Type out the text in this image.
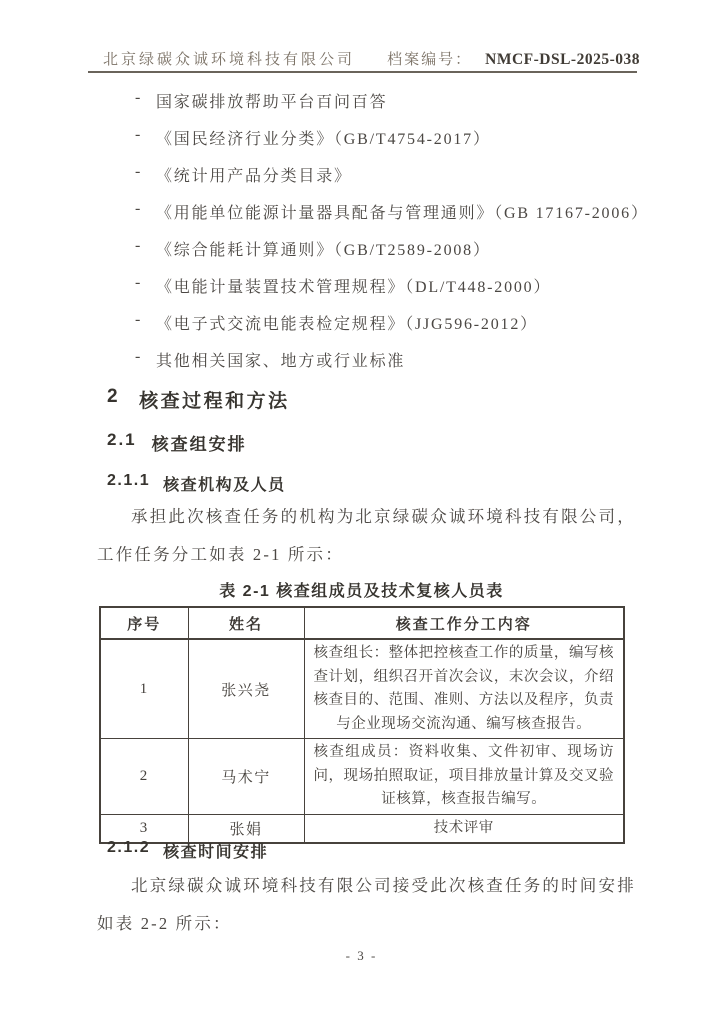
北京绿碳众诚环境科技有限公司 档案编号： NMCF-DSL-2025-038
- 国家碳排放帮助平台百问百答
- 《国民经济行业分类》（GB/T4754-2017）
- 《统计用产品分类目录》
- 《用能单位能源计量器具配备与管理通则》（GB 17167-2006）
- 《综合能耗计算通则》（GB/T2589-2008）
- 《电能计量装置技术管理规程》（DL/T448-2000）
- 《电子式交流电能表检定规程》（JJG596-2012）
- 其他相关国家、地方或行业标准
2 核查过程和方法
2.1 核查组安排
2.1.1 核查机构及人员
承担此次核查任务的机构为北京绿碳众诚环境科技有限公司，
工作任务分工如表 2-1 所示：
表 2-1 核查组成员及技术复核人员表
序号	姓名	核查工作分工内容
1	张兴尧	核查组长：整体把控核查工作的质量，编写核查计划，组织召开首次会议，末次会议，介绍核查目的、范围、准则、方法以及程序，负责与企业现场交流沟通、编写核查报告。
2	马术宁	核查组成员：资料收集、文件初审、现场访问，现场拍照取证，项目排放量计算及交叉验证核算，核查报告编写。
3	张娟	技术评审
2.1.2 核查时间安排
北京绿碳众诚环境科技有限公司接受此次核查任务的时间安排
如表 2-2 所示：
- 3 -
